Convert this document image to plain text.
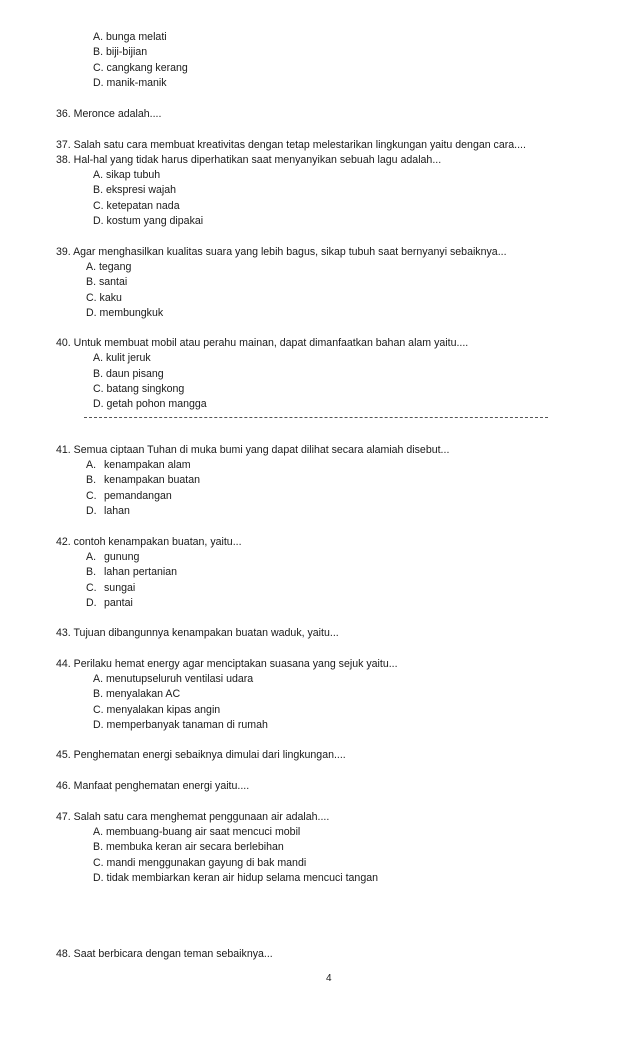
A. bunga melati
B. biji-bijian
C. cangkang kerang
D. manik-manik
36. Meronce adalah....
37. Salah satu cara membuat kreativitas dengan tetap melestarikan lingkungan yaitu dengan cara....
38. Hal-hal yang tidak harus diperhatikan saat menyanyikan sebuah lagu adalah...
A. sikap tubuh
B. ekspresi wajah
C. ketepatan nada
D. kostum yang dipakai
39. Agar menghasilkan kualitas suara yang lebih bagus, sikap tubuh saat bernyanyi sebaiknya...
A. tegang
B. santai
C. kaku
D. membungkuk
40. Untuk membuat mobil atau perahu mainan, dapat dimanfaatkan bahan alam yaitu....
A. kulit jeruk
B. daun pisang
C. batang singkong
D. getah pohon mangga
41. Semua ciptaan Tuhan di muka bumi yang dapat dilihat secara alamiah disebut...
A. kenampakan alam
B. kenampakan buatan
C. pemandangan
D. lahan
42. contoh kenampakan buatan, yaitu...
A. gunung
B. lahan pertanian
C. sungai
D. pantai
43. Tujuan dibangunnya kenampakan buatan waduk, yaitu...
44. Perilaku hemat energy agar menciptakan suasana yang sejuk yaitu...
A. menutupseluruh ventilasi udara
B. menyalakan AC
C. menyalakan kipas angin
D. memperbanyak tanaman di rumah
45. Penghematan energi sebaiknya dimulai dari lingkungan....
46. Manfaat penghematan energi yaitu....
47. Salah satu cara menghemat penggunaan air adalah....
A. membuang-buang air saat mencuci mobil
B. membuka keran air secara berlebihan
C. mandi menggunakan gayung di bak mandi
D. tidak membiarkan keran air hidup selama mencuci tangan
48. Saat berbicara dengan teman sebaiknya...
4
